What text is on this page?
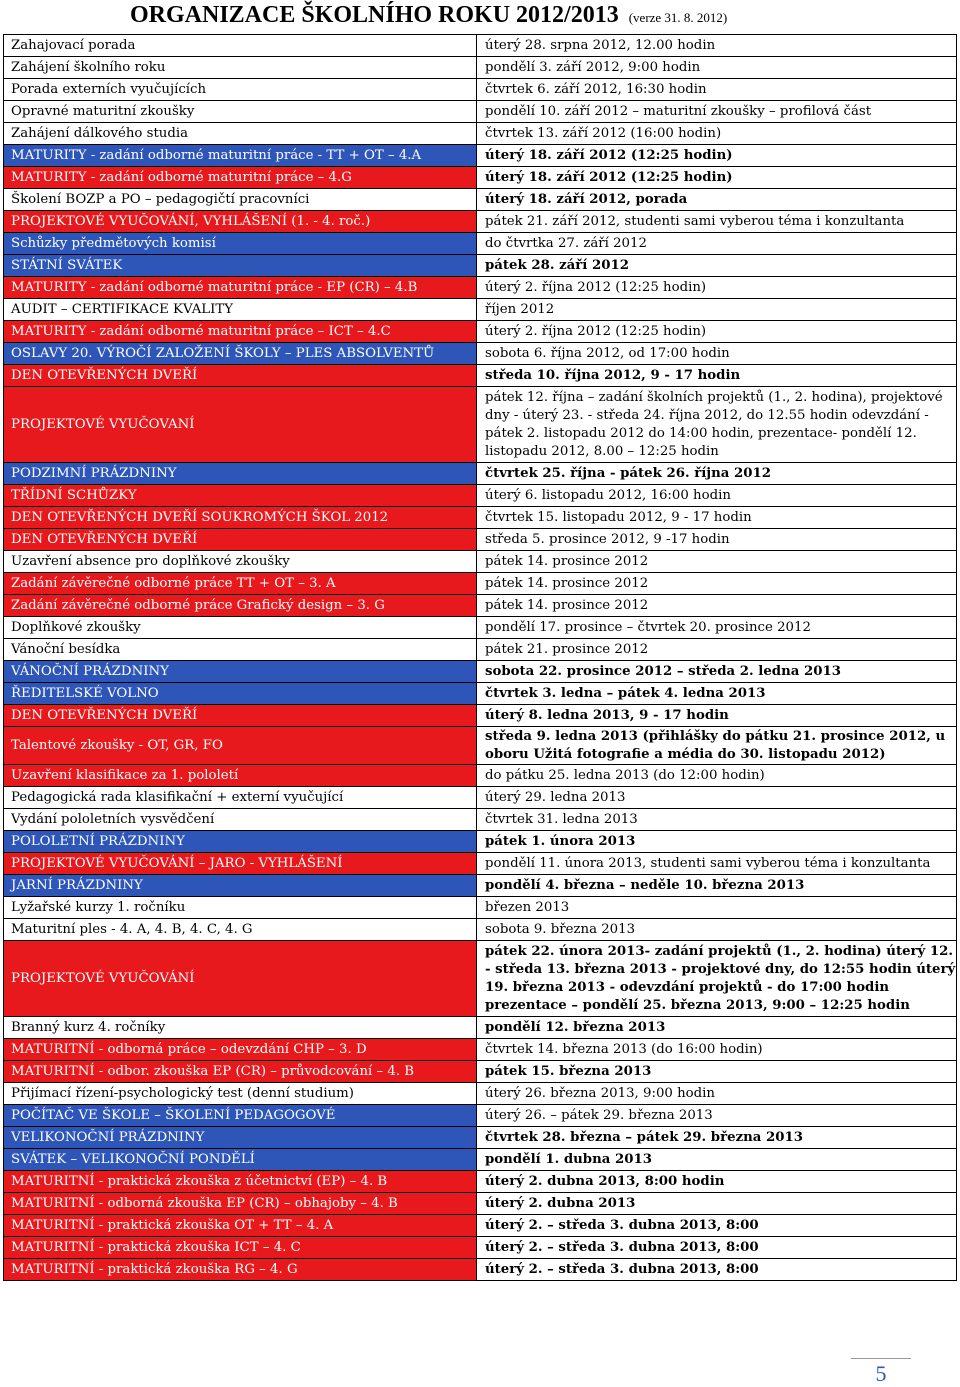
ORGANIZACE ŠKOLNÍHO ROKU 2012/2013 (verze 31. 8. 2012)
Zahajovací porada	úterý 28. srpna 2012, 12.00 hodin
Zahájení školního roku	pondělí 3. září 2012, 9:00 hodin
Porada externích vyučujících	čtvrtek 6. září 2012, 16:30 hodin
Opravné maturitní zkoušky	pondělí 10. září 2012 – maturitní zkoušky – profilová část
Zahájení dálkového studia	čtvrtek 13. září 2012 (16:00 hodin)
MATURITY - zadání odborné maturitní práce - TT + OT – 4.A	úterý 18. září 2012 (12:25 hodin)
MATURITY - zadání odborné maturitní práce – 4.G	úterý 18. září 2012 (12:25 hodin)
Školení BOZP a PO – pedagogičtí pracovníci	úterý 18. září 2012, porada
PROJEKTOVÉ VYUČOVÁNÍ, VYHLÁŠENÍ (1. - 4. roč.)	pátek 21. září 2012, studenti sami vyberou téma i konzultanta
Schůzky předmětových komisí	do čtvrtka 27. září 2012
STÁTNÍ SVÁTEK	pátek 28. září 2012
MATURITY - zadání odborné maturitní práce - EP (CR) – 4.B	úterý 2. října 2012 (12:25 hodin)
AUDIT – CERTIFIKACE KVALITY	říjen 2012
MATURITY - zadání odborné maturitní práce – ICT – 4.C	úterý 2. října 2012 (12:25 hodin)
OSLAVY 20. VÝROČÍ ZALOŽENÍ ŠKOLY – PLES ABSOLVENTŮ	sobota 6. října 2012, od 17:00 hodin
DEN OTEVŘENÝCH DVEŘÍ	středa 10. října 2012, 9 - 17 hodin
PROJEKTOVÉ VYUČOVANÍ	pátek 12. října – zadání školních projektů (1., 2. hodina), projektové dny - úterý 23. - středa 24. října 2012, do 12.55 hodin odevzdání - pátek 2. listopadu 2012 do 14:00 hodin, prezentace- pondělí 12. listopadu 2012, 8.00 – 12:25 hodin
PODZIMNÍ PRÁZDNINY	čtvrtek 25. října - pátek 26. října 2012
TŘÍDNÍ SCHŮZKY	úterý 6. listopadu 2012, 16:00 hodin
DEN OTEVŘENÝCH DVEŘÍ SOUKROMÝCH ŠKOL 2012	čtvrtek 15. listopadu 2012, 9 - 17 hodin
DEN OTEVŘENÝCH DVEŘÍ	středa 5. prosince 2012, 9 -17 hodin
Uzavření absence pro doplňkové zkoušky	pátek 14. prosince 2012
Zadání závěrečné odborné práce TT + OT – 3. A	pátek 14. prosince 2012
Zadání závěrečné odborné práce Grafický design – 3. G	pátek 14. prosince 2012
Doplňkové zkoušky	pondělí 17. prosince – čtvrtek 20. prosince 2012
Vánoční besídka	pátek 21. prosince 2012
VÁNOČNÍ PRÁZDNINY	sobota 22. prosince 2012 – středa 2. ledna 2013
ŘEDITELSKÉ VOLNO	čtvrtek 3. ledna – pátek 4. ledna 2013
DEN OTEVŘENÝCH DVEŘÍ	úterý 8. ledna 2013, 9 - 17 hodin
Talentové zkoušky - OT, GR, FO	středa 9. ledna 2013 (přihlášky do pátku 21. prosince 2012, u oboru Užitá fotografie a média do 30. listopadu 2012)
Uzavření klasifikace za 1. pololetí	do pátku 25. ledna 2013 (do 12:00 hodin)
Pedagogická rada klasifikační + externí vyučující	úterý 29. ledna 2013
Vydání pololetních vysvědčení	čtvrtek 31. ledna 2013
POLOLETNÍ PRÁZDNINY	pátek 1. února 2013
PROJEKTOVÉ VYUČOVÁNÍ – JARO - VYHLÁŠENÍ	pondělí 11. února 2013, studenti sami vyberou téma i konzultanta
JARNÍ PRÁZDNINY	pondělí 4. března – neděle 10. března 2013
Lyžařské kurzy 1. ročníku	březen 2013
Maturitní ples - 4. A, 4. B, 4. C, 4. G	sobota 9. března 2013
PROJEKTOVÉ VYUČOVÁNÍ	pátek 22. února 2013- zadání projektů (1., 2. hodina) úterý 12. - středa 13. března 2013 - projektové dny, do 12:55 hodin úterý 19. března 2013 - odevzdání projektů - do 17:00 hodin prezentace – pondělí 25. března 2013, 9:00 – 12:25 hodin
Branný kurz 4. ročníky	pondělí 12. března 2013
MATURITNÍ - odborná práce – odevzdání CHP – 3. D	čtvrtek 14. března 2013 (do 16:00 hodin)
MATURITNÍ - odbor. zkouška EP (CR) – průvodcování – 4. B	pátek 15. března 2013
Přijímací řízení-psychologický test (denní studium)	úterý 26. března 2013, 9:00 hodin
POČÍTAČ VE ŠKOLE – ŠKOLENÍ PEDAGOGOVÉ	úterý 26. – pátek 29. března 2013
VELIKONOČNÍ PRÁZDNINY	čtvrtek 28. března – pátek 29. března 2013
SVÁTEK – VELIKONOČNÍ PONDĚLÍ	pondělí 1. dubna 2013
MATURITNÍ - praktická zkouška z účetnictví (EP) – 4. B	úterý 2. dubna 2013, 8:00 hodin
MATURITNÍ - odborná zkouška EP (CR) – obhajoby – 4. B	úterý 2. dubna 2013
MATURITNÍ - praktická zkouška OT + TT – 4. A	úterý 2. – středa 3. dubna 2013, 8:00
MATURITNÍ - praktická zkouška ICT – 4. C	úterý 2. – středa 3. dubna 2013, 8:00
MATURITNÍ - praktická zkouška RG – 4. G	úterý 2. – středa 3. dubna 2013, 8:00
5
